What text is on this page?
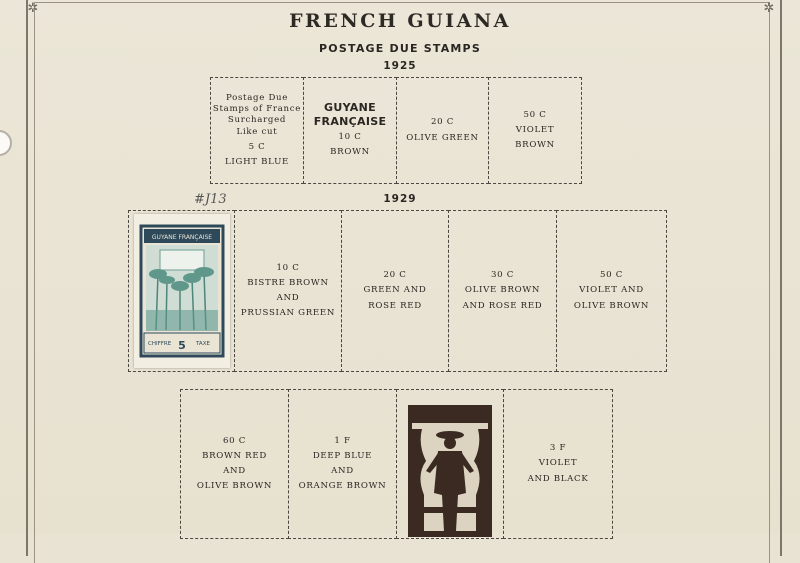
✲	✲
FRENCH GUIANA
POSTAGE DUE STAMPS
1925
1929
#J13
Postage Due
Stamps of France
Surcharged
Like cut
5 C
LIGHT BLUE
GUYANE
FRANÇAISE
10 C
BROWN
20 C
OLIVE GREEN
50 C
VIOLET
BROWN
GUYANE FRANÇAISE
CHIFFRE 5 TAXE
10 C
BISTRE BROWN
AND
PRUSSIAN GREEN
20 C
GREEN AND
ROSE RED
30 C
OLIVE BROWN
AND ROSE RED
50 C
VIOLET AND
OLIVE BROWN
60 C
BROWN RED
AND
OLIVE BROWN
1 F
DEEP BLUE
AND
ORANGE BROWN
3 F
VIOLET
AND BLACK
